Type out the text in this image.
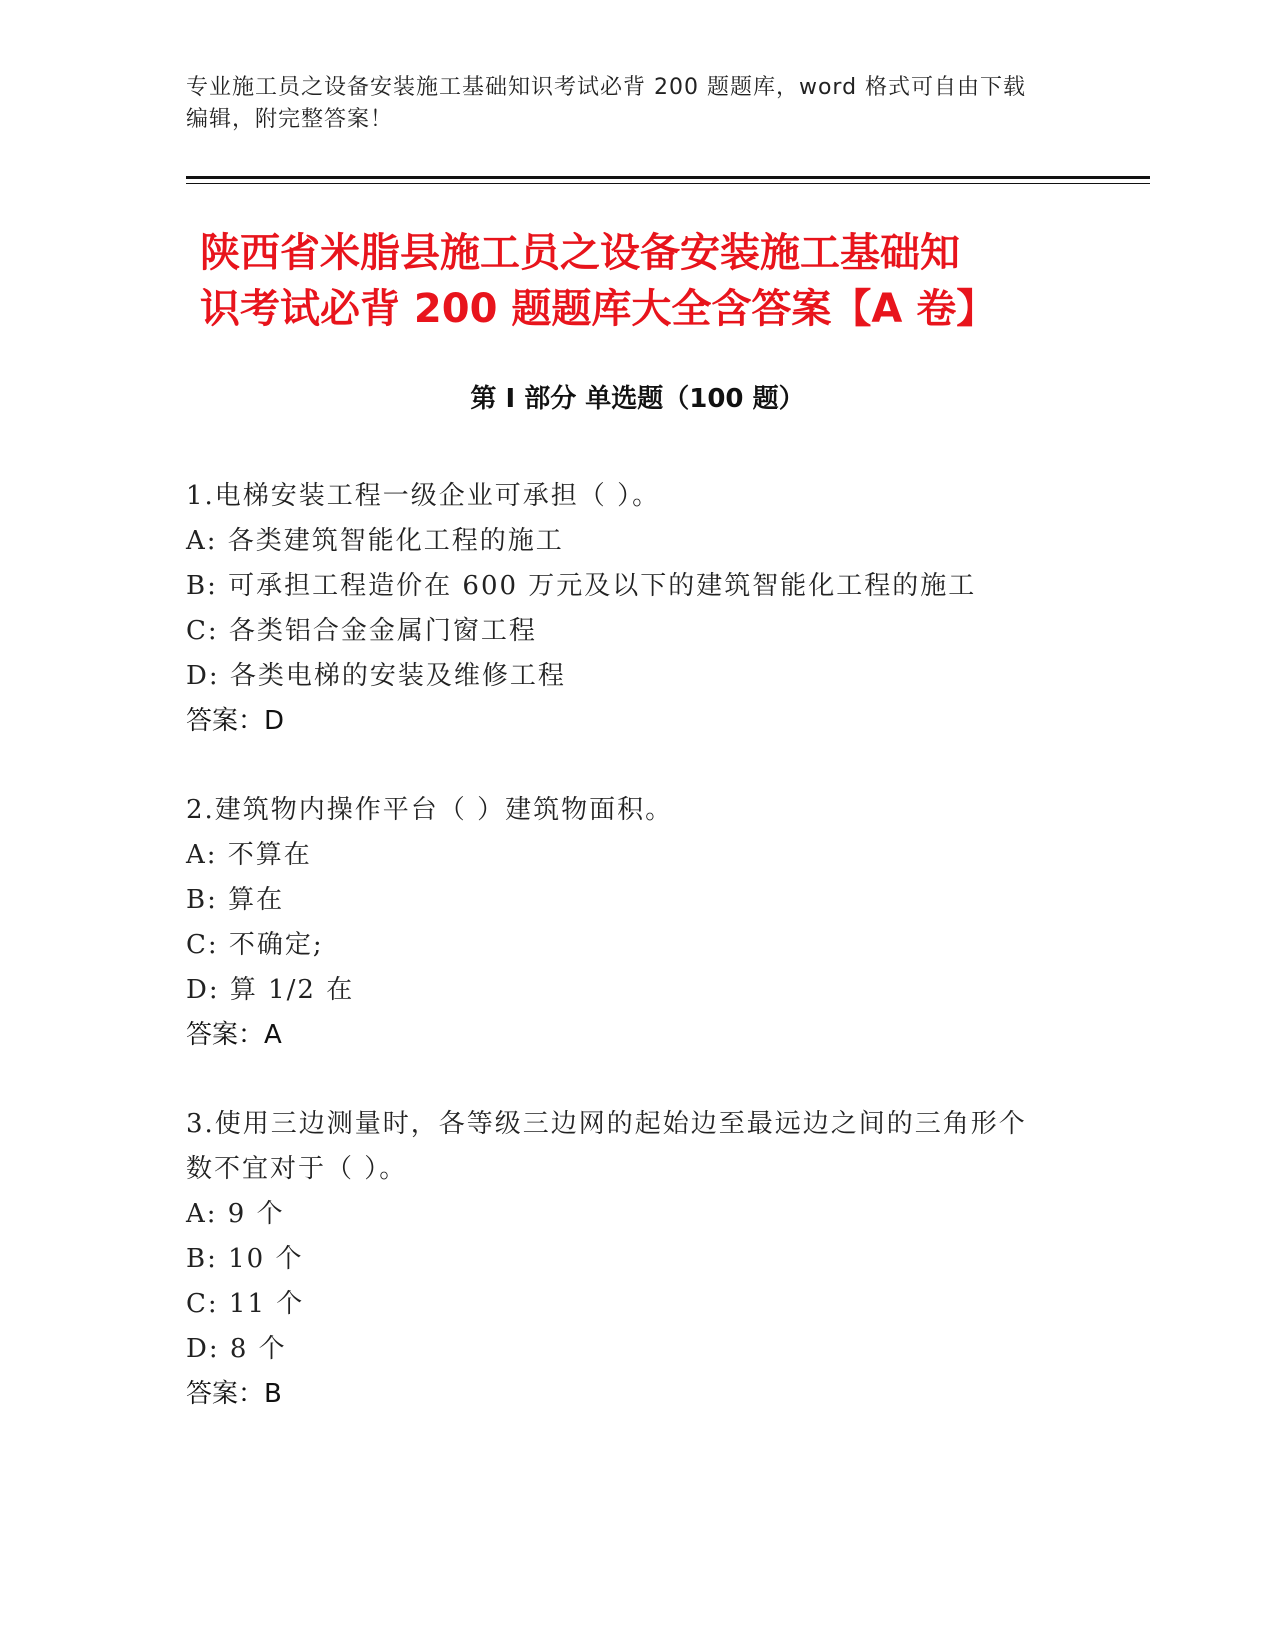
专业施工员之设备安装施工基础知识考试必背 200 题题库，word 格式可自由下载
编辑，附完整答案！
陕西省米脂县施工员之设备安装施工基础知
识考试必背 200 题题库大全含答案【A 卷】
第 I 部分 单选题（100 题）

1.电梯安装工程一级企业可承担（ ）。

A: 各类建筑智能化工程的施工

B: 可承担工程造价在 600 万元及以下的建筑智能化工程的施工

C: 各类铝合金金属门窗工程

D: 各类电梯的安装及维修工程

答案：D

2.建筑物内操作平台（ ）建筑物面积。

A: 不算在

B: 算在

C: 不确定;

D: 算 1/2 在

答案：A

3.使用三边测量时，各等级三边网的起始边至最远边之间的三角形个

数不宜对于（ ）。

A: 9 个

B: 10 个

C: 11 个

D: 8 个

答案：B
